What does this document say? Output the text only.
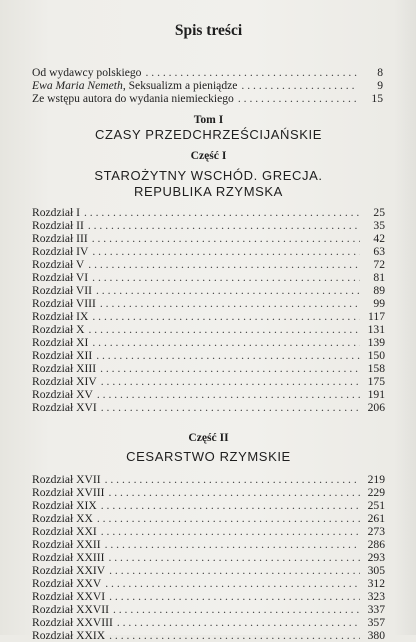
Spis treści
Od wydawcy polskiego . . .	8
Ewa Maria Nemeth, Seksualizm a pieniądze . . .	9
Ze wstępu autora do wydania niemieckiego . . .	15
Tom I
CZASY PRZEDCHRZEŚCIJAŃSKIE
Część I
STAROŻYTNY WSCHÓD. GRECJA.
REPUBLIKA RZYMSKA
Rozdział I . . .	25
Rozdział II . . .	35
Rozdział III . . .	42
Rozdział IV . . .	63
Rozdział V . . .	72
Rozdział VI . . .	81
Rozdział VII . . .	89
Rozdział VIII . . .	99
Rozdział IX . . .	117
Rozdział X . . .	131
Rozdział XI . . .	139
Rozdział XII . . .	150
Rozdział XIII . . .	158
Rozdział XIV . . .	175
Rozdział XV . . .	191
Rozdział XVI . . .	206
Część II
CESARSTWO RZYMSKIE
Rozdział XVII . . .	219
Rozdział XVIII . . .	229
Rozdział XIX . . .	251
Rozdział XX . . .	261
Rozdział XXI . . .	273
Rozdział XXII . . .	286
Rozdział XXIII . . .	293
Rozdział XXIV . . .	305
Rozdział XXV . . .	312
Rozdział XXVI . . .	323
Rozdział XXVII . . .	337
Rozdział XXVIII . . .	357
Rozdział XXIX . . .	380
